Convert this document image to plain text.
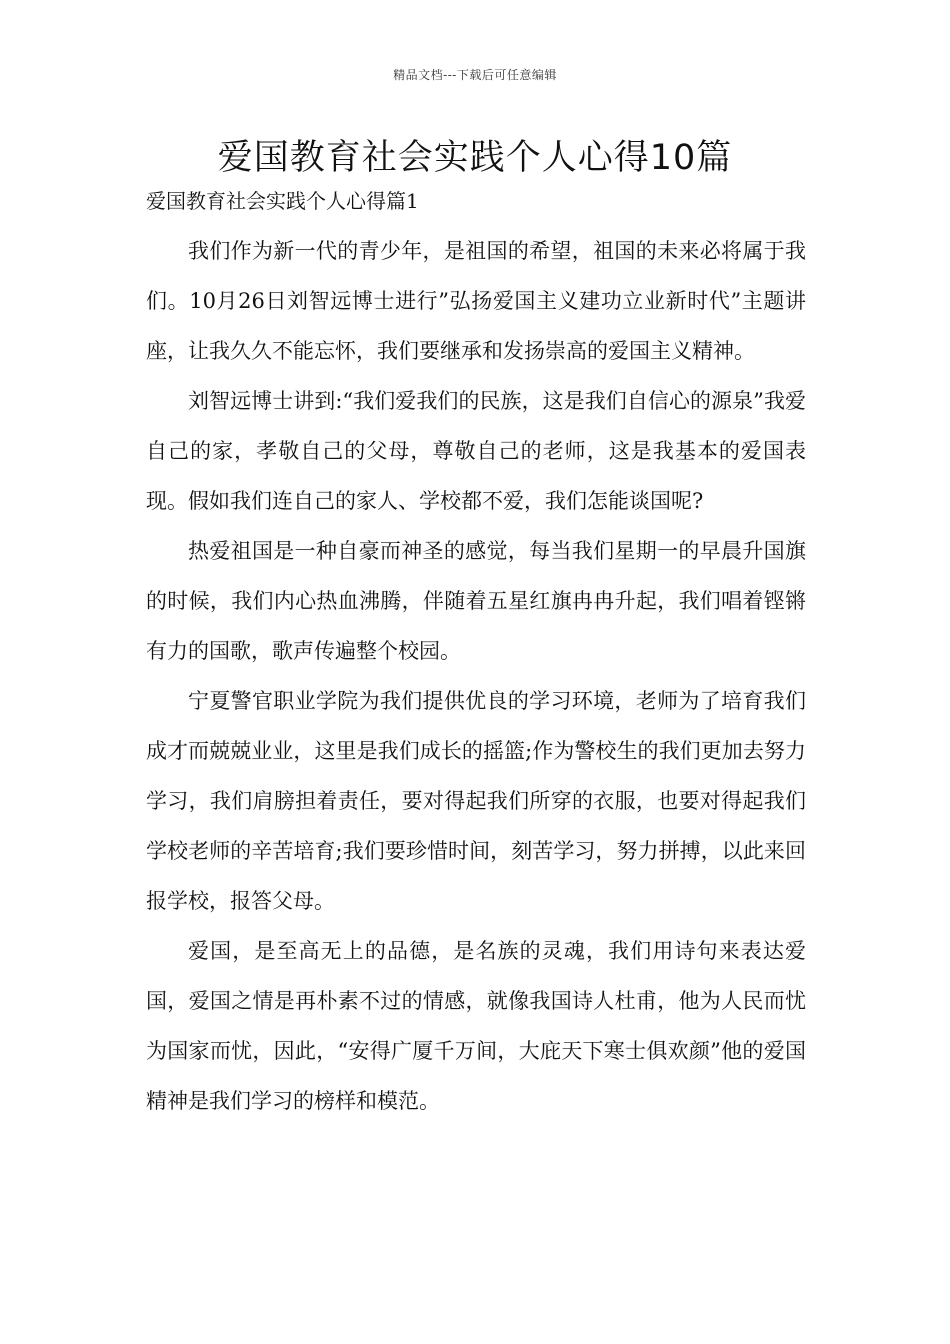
精品文档---下载后可任意编辑
爱国教育社会实践个人心得10篇
爱国教育社会实践个人心得篇1

我们作为新一代的青少年，是祖国的希望，祖国的未来必将属于我们。10月26日刘智远博士进行”弘扬爱国主义建功立业新时代”主题讲座，让我久久不能忘怀，我们要继承和发扬崇高的爱国主义精神。

刘智远博士讲到:“我们爱我们的民族，这是我们自信心的源泉”我爱自己的家，孝敬自己的父母，尊敬自己的老师，这是我基本的爱国表现。假如我们连自己的家人、学校都不爱，我们怎能谈国呢?

热爱祖国是一种自豪而神圣的感觉，每当我们星期一的早晨升国旗的时候，我们内心热血沸腾，伴随着五星红旗冉冉升起，我们唱着铿锵有力的国歌，歌声传遍整个校园。

宁夏警官职业学院为我们提供优良的学习环境，老师为了培育我们成才而兢兢业业，这里是我们成长的摇篮;作为警校生的我们更加去努力学习，我们肩膀担着责任，要对得起我们所穿的衣服，也要对得起我们学校老师的辛苦培育;我们要珍惜时间，刻苦学习，努力拼搏，以此来回报学校，报答父母。

爱国，是至高无上的品德，是名族的灵魂，我们用诗句来表达爱国，爱国之情是再朴素不过的情感，就像我国诗人杜甫，他为人民而忧为国家而忧，因此，“安得广厦千万间，大庇天下寒士俱欢颜”他的爱国精神是我们学习的榜样和模范。
